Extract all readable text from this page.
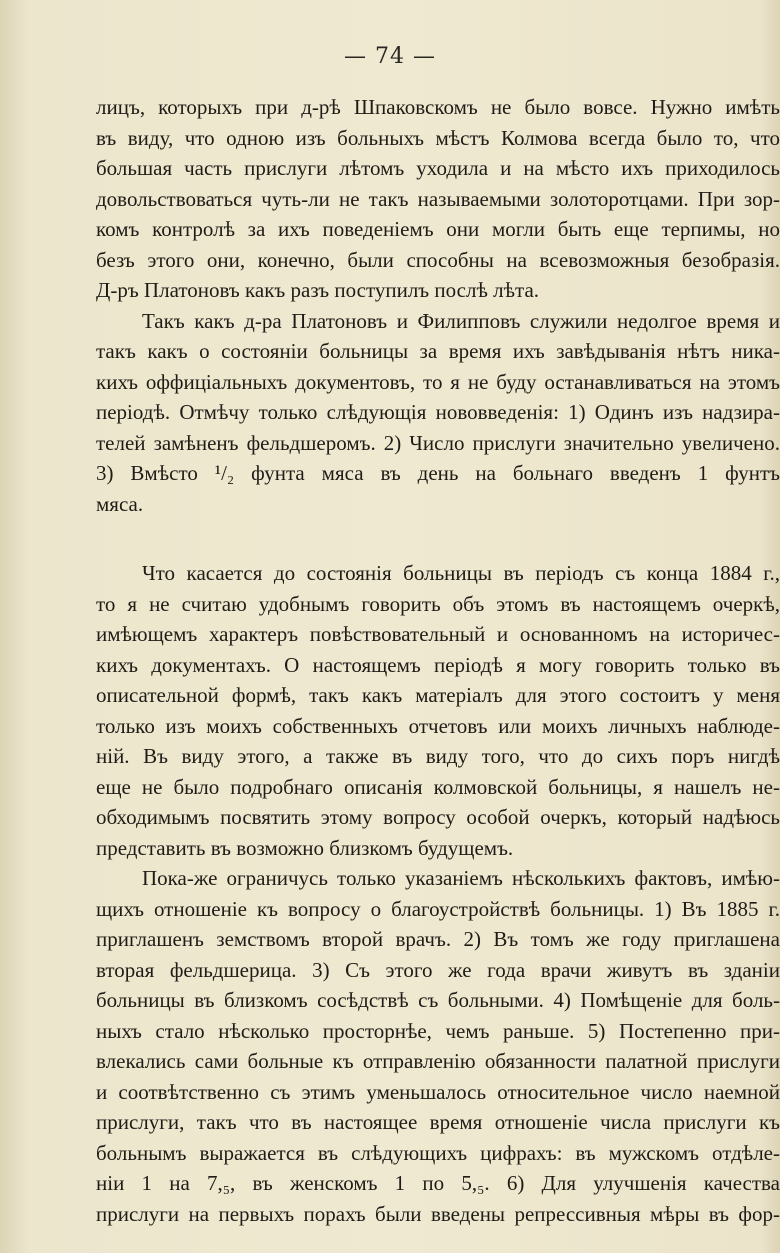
— 74 —
лицъ, которыхъ при д-рѣ Шпаковскомъ не было вовсе. Нужно имѣть
въ виду, что одною изъ больныхъ мѣстъ Колмова всегда было то, что
большая часть прислуги лѣтомъ уходила и на мѣсто ихъ приходилось
довольствоваться чуть-ли не такъ называемыми золоторотцами. При зор-
комъ контролѣ за ихъ поведеніемъ они могли быть еще терпимы, но
безъ этого они, конечно, были способны на всевозможныя безобразія.
Д-ръ Платоновъ какъ разъ поступилъ послѣ лѣта.
Такъ какъ д-ра Платоновъ и Филипповъ служили недолгое время и
такъ какъ о состояніи больницы за время ихъ завѣдыванія нѣтъ ника-
кихъ оффиціальныхъ документовъ, то я не буду останавливаться на этомъ
періодѣ. Отмѣчу только слѣдующія нововведенія: 1) Одинъ изъ надзира-
телей замѣненъ фельдшеромъ. 2) Число прислуги значительно увеличено.
3) Вмѣсто ¹/₂ фунта мяса въ день на больнаго введенъ 1 фунтъ
мяса.
Что касается до состоянія больницы въ періодъ съ конца 1884 г.,
то я не считаю удобнымъ говорить объ этомъ въ настоящемъ очеркѣ,
имѣющемъ характеръ повѣствовательный и основанномъ на историчес-
кихъ документахъ. О настоящемъ періодѣ я могу говорить только въ
описательной формѣ, такъ какъ матеріалъ для этого состоитъ у меня
только изъ моихъ собственныхъ отчетовъ или моихъ личныхъ наблюде-
ній. Въ виду этого, а также въ виду того, что до сихъ поръ нигдѣ
еще не было подробнаго описанія колмовской больницы, я нашелъ не-
обходимымъ посвятить этому вопросу особой очеркъ, который надѣюсь
представить въ возможно близкомъ будущемъ.
Пока-же ограничусь только указаніемъ нѣсколькихъ фактовъ, имѣю-
щихъ отношеніе къ вопросу о благоустройствѣ больницы. 1) Въ 1885 г.
приглашенъ земствомъ второй врачъ. 2) Въ томъ же году приглашена
вторая фельдшерица. 3) Съ этого же года врачи живутъ въ зданіи
больницы въ близкомъ сосѣдствѣ съ больными. 4) Помѣщеніе для боль-
ныхъ стало нѣсколько просторнѣе, чемъ раньше. 5) Постепенно при-
влекались сами больные къ отправленію обязанности палатной прислуги
и соотвѣтственно съ этимъ уменьшалось относительное число наемной
прислуги, такъ что въ настоящее время отношеніе числа прислуги къ
больнымъ выражается въ слѣдующихъ цифрахъ: въ мужскомъ отдѣле-
ніи 1 на 7,₅, въ женскомъ 1 по 5,₅. 6) Для улучшенія качества
прислуги на первыхъ порахъ были введены репрессивныя мѣры въ фор-
